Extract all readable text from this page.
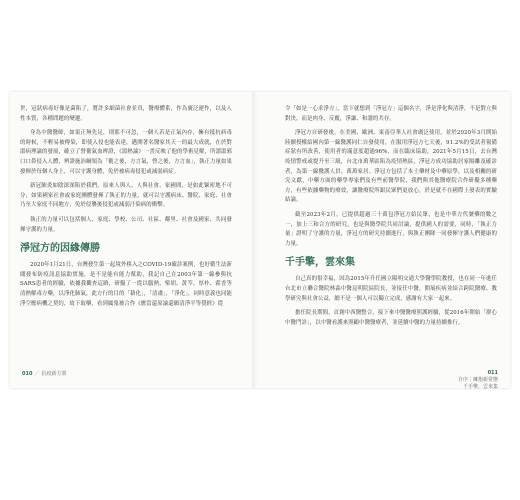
世，冠狀病毒好像是菌陷了，將許多細菌社會並真，醫療體系，作為廣泛運作，以及人性本質，各種問題的變遷。

身為中醫醫師，如果正無先足，則那不可忽，一個人若是正氣內存，擁有抵抗病毒的時候，不輕易被傳染，即使入侵也能表達，邁開著名醫家其天一的最大成就，在於對溫病理論的發展，確立了營衛氣血辨證，《溫熱論》一書反映了他的學術見解，所謂溫邪口口鼻侵入人體，辨證施治綱領為「衛之後，方言氣，營之後，方言血」，執正力量如果發揮於每個人身上，可以守護身體，免於被病毒侵犯或減弱病症。

新冠肺炎如陰深深陷於我們，原來人與人、人與社會、家國間，是如此緊密地不可分，如果國家社會或家庭團體發揮了執正的力量，就可以守護病床、醫院、家庭、社會乃至大家庭不同地方，免於侵襲後侵犯或減弱汙染病的衝擊。

執正的力量可以包括個人、家庭、學校、公司、社區、鄰里、社會及國家，共同發揮守護的力量。

淨冠方的因緣傳勝

2020年1月21日，台灣發生第一起境外移入之COVID-19確診案例，也好衛生法新聞發布防疫訊息協助實施，是不是能有能力幫助，我記自己在2003年第一線參與抗SARS患者的經驗，依據我觀查這路，研擬了一從以腦熱、柴胡、黃芩、厚朴、藿香等清熱解毒方藥，以淨化肺氣，此方行的目的「藉化」，「清肅」，「淨化」，同時意義也同能淨空應病機之契約，故下取藥，看到厲鬼被合作《應當還原論還願清淨平等覺經》從

010 ／ 抗疫新方策

令「如是一心求淨方」，當下就想到「淨冠方」這個名字，淨是淨化與清淨，不是對立與對決，而是肉身、反覆，淨謙、和諧的共存。

淨冠方自研發後，在美國、歐洲、東南亞華人社會廣泛使用，並於2020年3月開始陸續授權給國內第一線醫護同仁自發使用，在服用淨冠方七天後，91.2%的受試者報備症狀有所改善，使用者的滿意度超過96%，而在臨床協助，2021年5月15日，去台灣疫情警戒或提升至三級，台北市萬華區陷為疫情熱區，淨冠方成功協助居家隔離及確診者，為第一線醫護人員、萬萬家居、淨冠方包括了本土藥材及中藥原學，以及相關的研究文獻，中藥方面的藥學專家們及有些前醫學院、我們與其他醫療院合作研擬多種藥方，有些依據藥物的療效，讓醫療院所跟民眾們更放心，於是就不在國際上發表的實驗結論。

截至2023年2月，已提供超過三十萬包淨冠方給民眾，也是中華方代號藥的數之一，加上三和合方的研究，也是與醫學院共同討論，提供國人的需要，同時，「執正力量」證明了守護的力量，淨冠方的研究持續進行，與執正團隊一同發揮守護人們健康的力量。

千手擎，雲來集

自己真的很幸福，因為2015年升任國立陽明交通大學醫學院教授，也在同一年進任台北市立聯合醫院林森中醫昆明院區院長，並接任中醫，開展疾病並結合跨院醫療、教學研究與社會公益，總不是一個人可以獨立完成，感謝有大家一起來。

擔任院長期間，首創中西醫整合，接下來中醫醫療照護經驗，從2016年開始「群心中醫門診」，以中醫看護來照顧中醫醫療者，並延續中醫的力量持續推行。

011
自序｜擁抱新常態
千手擎，雲來集
